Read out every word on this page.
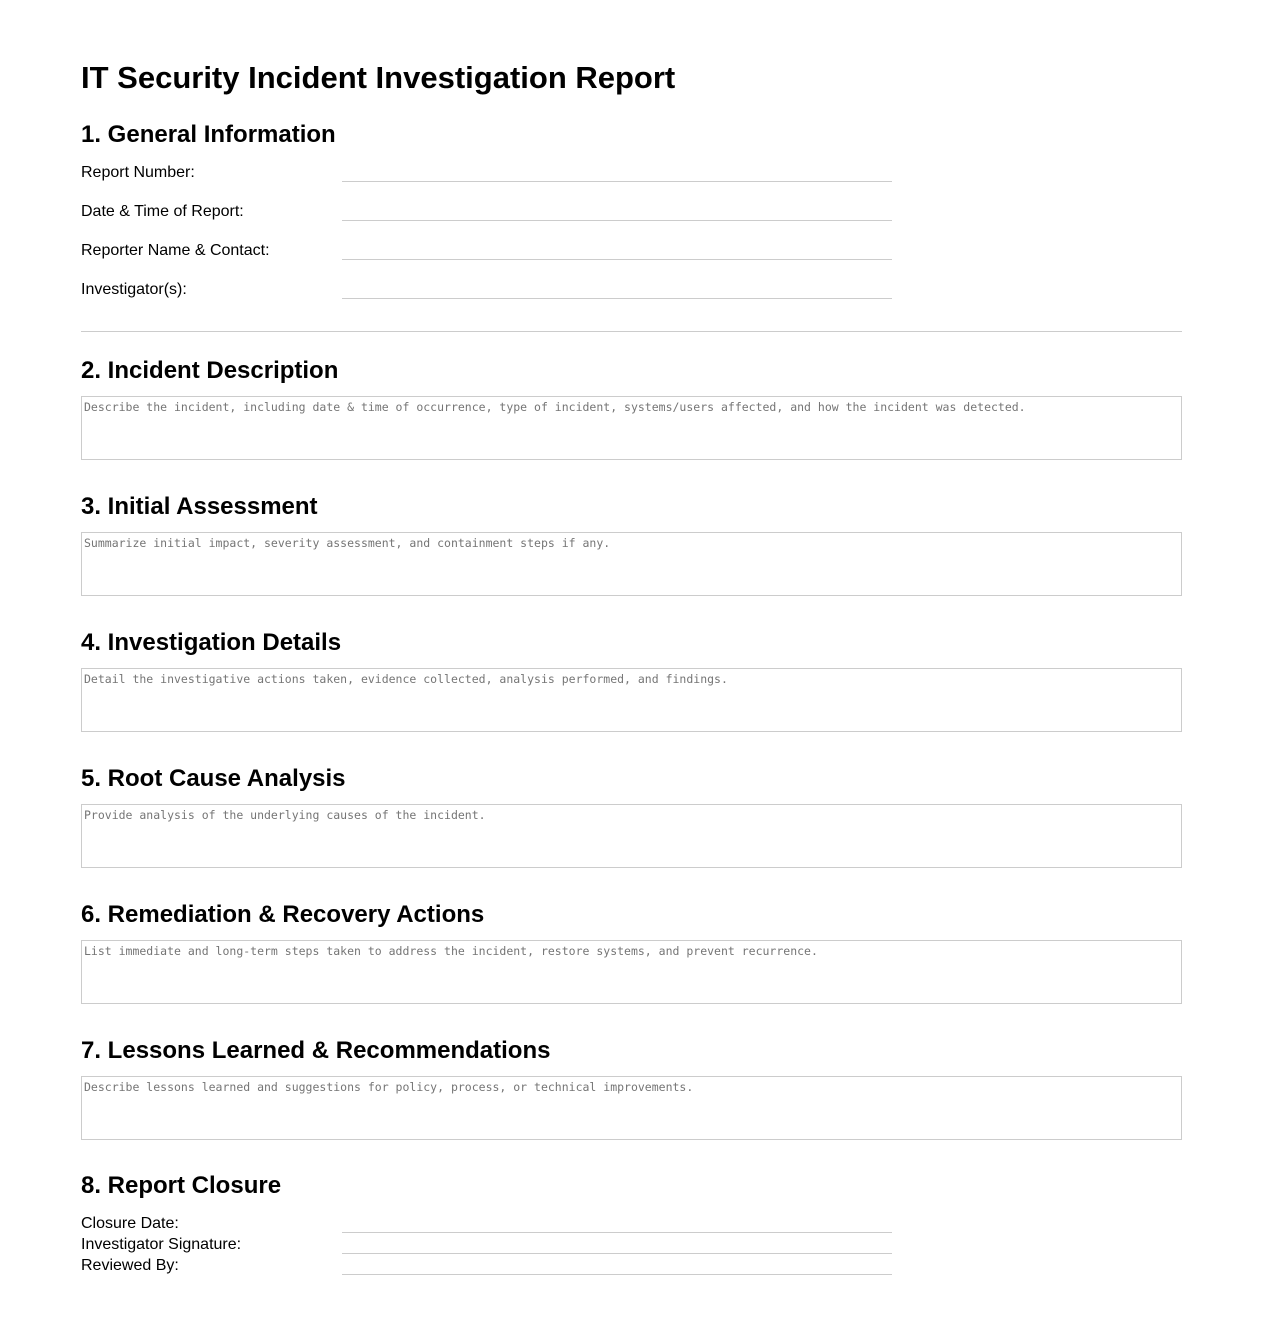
IT Security Incident Investigation Report
1. General Information
Report Number:
Date & Time of Report:
Reporter Name & Contact:
Investigator(s):
2. Incident Description
Describe the incident, including date & time of occurrence, type of incident, systems/users affected, and how the incident was detected.
3. Initial Assessment
Summarize initial impact, severity assessment, and containment steps if any.
4. Investigation Details
Detail the investigative actions taken, evidence collected, analysis performed, and findings.
5. Root Cause Analysis
Provide analysis of the underlying causes of the incident.
6. Remediation & Recovery Actions
List immediate and long-term steps taken to address the incident, restore systems, and prevent recurrence.
7. Lessons Learned & Recommendations
Describe lessons learned and suggestions for policy, process, or technical improvements.
8. Report Closure
Closure Date:
Investigator Signature:
Reviewed By:
